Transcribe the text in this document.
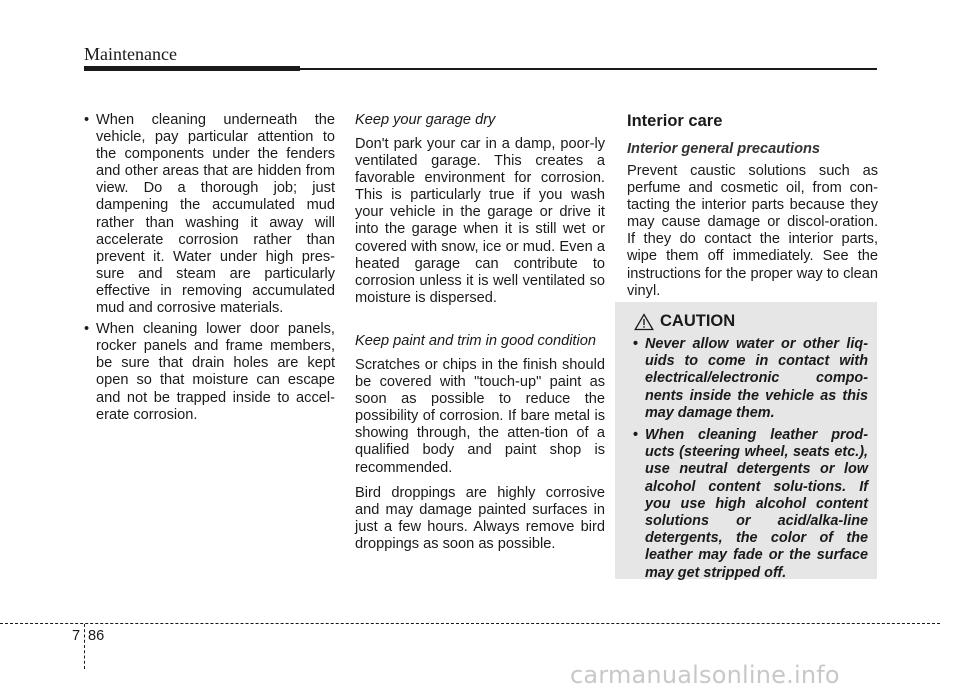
Maintenance
• When cleaning underneath the vehicle, pay particular attention to the components under the fenders and other areas that are hidden from view. Do a thorough job; just dampening the accumulated mud rather than washing it away will accelerate corrosion rather than prevent it. Water under high pres-sure and steam are particularly effective in removing accumulated mud and corrosive materials.
• When cleaning lower door panels, rocker panels and frame members, be sure that drain holes are kept open so that moisture can escape and not be trapped inside to accel-erate corrosion.

Keep your garage dry

Don't park your car in a damp, poor-ly ventilated garage. This creates a favorable environment for corrosion. This is particularly true if you wash your vehicle in the garage or drive it into the garage when it is still wet or covered with snow, ice or mud. Even a heated garage can contribute to corrosion unless it is well ventilated so moisture is dispersed.

Keep paint and trim in good condition

Scratches or chips in the finish should be covered with "touch-up" paint as soon as possible to reduce the possibility of corrosion. If bare metal is showing through, the atten-tion of a qualified body and paint shop is recommended.

Bird droppings are highly corrosive and may damage painted surfaces in just a few hours. Always remove bird droppings as soon as possible.

Interior care
Interior general precautions

Prevent caustic solutions such as perfume and cosmetic oil, from con-tacting the interior parts because they may cause damage or discol-oration. If they do contact the interior parts, wipe them off immediately. See the instructions for the proper way to clean vinyl.

CAUTION
• Never allow water or other liq-uids to come in contact with electrical/electronic compo-nents inside the vehicle as this may damage them.
• When cleaning leather prod-ucts (steering wheel, seats etc.), use neutral detergents or low alcohol content solu-tions. If you use high alcohol content solutions or acid/alka-line detergents, the color of the leather may fade or the surface may get stripped off.
7 86
carmanualsonline.info
